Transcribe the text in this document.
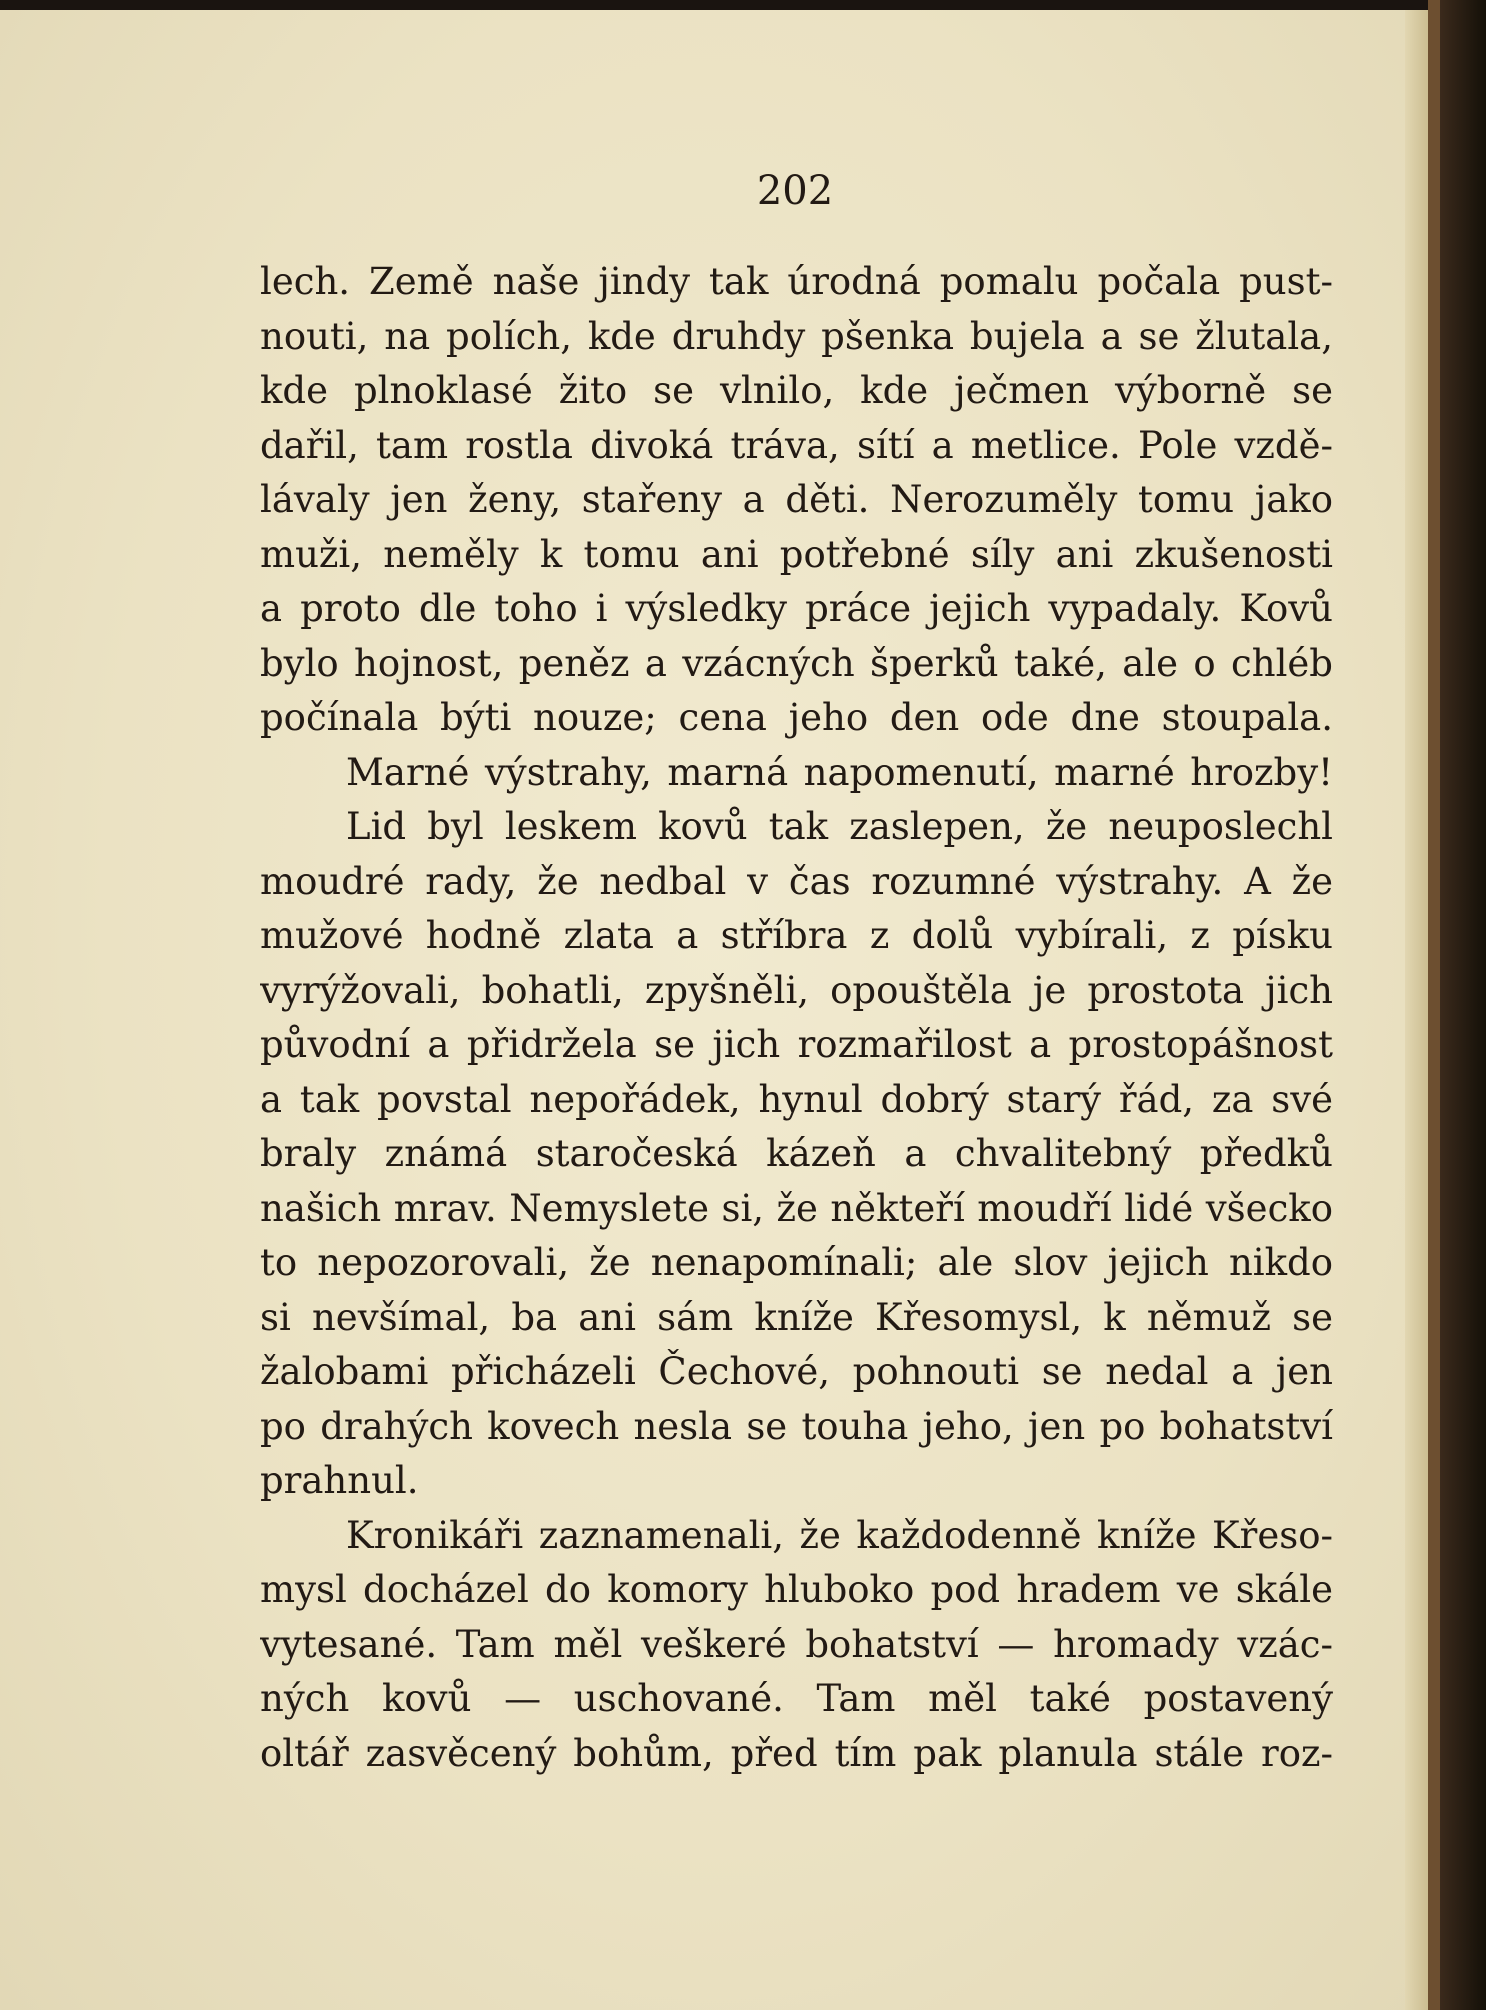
202
lech. Země naše jindy tak úrodná pomalu počala pust-
nouti, na polích, kde druhdy pšenka bujela a se žlutala,
kde plnoklasé žito se vlnilo, kde ječmen výborně se
dařil, tam rostla divoká tráva, sítí a metlice. Pole vzdě-
lávaly jen ženy, stařeny a děti. Nerozuměly tomu jako
muži, neměly k tomu ani potřebné síly ani zkušenosti
a proto dle toho i výsledky práce jejich vypadaly. Kovů
bylo hojnost, peněz a vzácných šperků také, ale o chléb
počínala býti nouze; cena jeho den ode dne stoupala.
Marné výstrahy, marná napomenutí, marné hrozby!
Lid byl leskem kovů tak zaslepen, že neuposlechl
moudré rady, že nedbal v čas rozumné výstrahy. A že
mužové hodně zlata a stříbra z dolů vybírali, z písku
vyrýžovali, bohatli, zpyšněli, opouštěla je prostota jich
původní a přidržela se jich rozmařilost a prostopášnost
a tak povstal nepořádek, hynul dobrý starý řád, za své
braly známá staročeská kázeň a chvalitebný předků
našich mrav. Nemyslete si, že někteří moudří lidé všecko
to nepozorovali, že nenapomínali; ale slov jejich nikdo
si nevšímal, ba ani sám kníže Křesomysl, k němuž se
žalobami přicházeli Čechové, pohnouti se nedal a jen
po drahých kovech nesla se touha jeho, jen po bohatství
prahnul.
Kronikáři zaznamenali, že každodenně kníže Křeso-
mysl docházel do komory hluboko pod hradem ve skále
vytesané. Tam měl veškeré bohatství — hromady vzác-
ných kovů — uschované. Tam měl také postavený
oltář zasvěcený bohům, před tím pak planula stále roz-
